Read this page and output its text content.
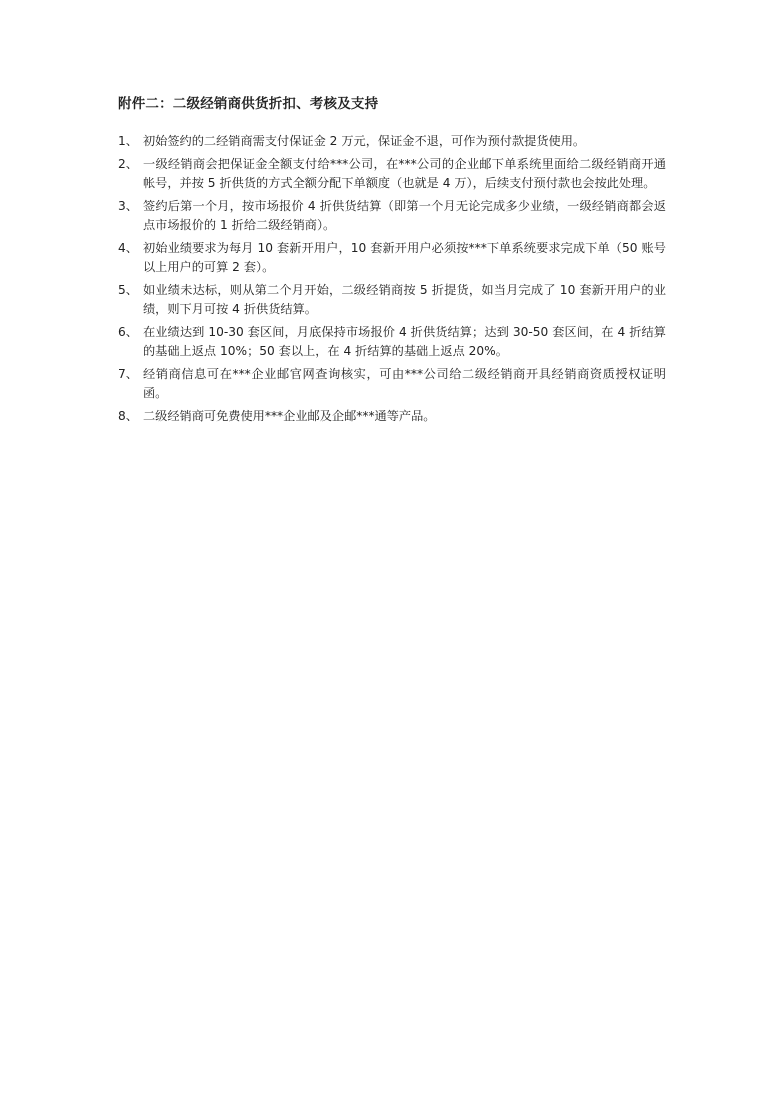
附件二：二级经销商供货折扣、考核及支持
1、 初始签约的二经销商需支付保证金 2 万元，保证金不退，可作为预付款提货使用。
2、 一级经销商会把保证金全额支付给***公司，在***公司的企业邮下单系统里面给二级经销商开通帐号，并按 5 折供货的方式全额分配下单额度（也就是 4 万），后续支付预付款也会按此处理。
3、 签约后第一个月，按市场报价 4 折供货结算（即第一个月无论完成多少业绩，一级经销商都会返点市场报价的 1 折给二级经销商）。
4、 初始业绩要求为每月 10 套新开用户，10 套新开用户必须按***下单系统要求完成下单（50 账号以上用户的可算 2 套）。
5、 如业绩未达标，则从第二个月开始，二级经销商按 5 折提货，如当月完成了 10 套新开用户的业绩，则下月可按 4 折供货结算。
6、 在业绩达到 10-30 套区间，月底保持市场报价 4 折供货结算；达到 30-50 套区间，在 4 折结算的基础上返点 10%；50 套以上，在 4 折结算的基础上返点 20%。
7、 经销商信息可在***企业邮官网查询核实，可由***公司给二级经销商开具经销商资质授权证明函。
8、 二级经销商可免费使用***企业邮及企邮***通等产品。
